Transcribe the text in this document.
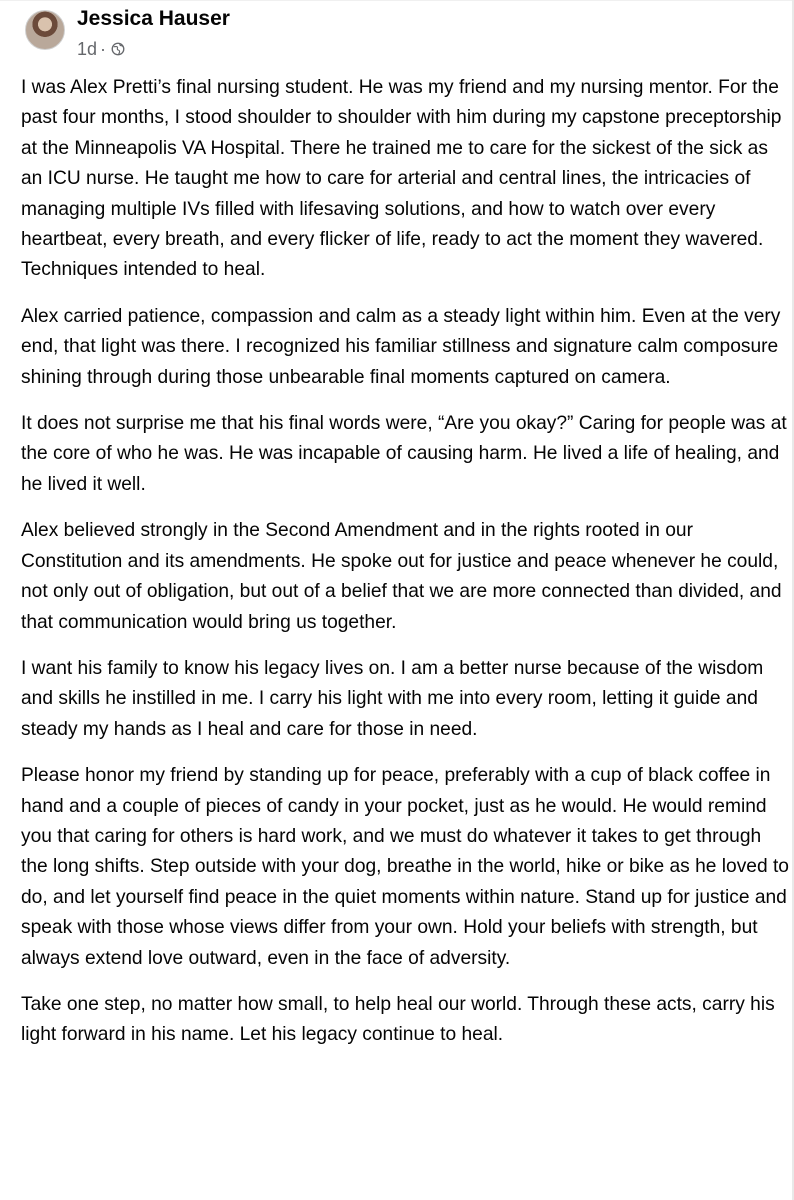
Jessica Hauser
1d ·

I was Alex Pretti’s final nursing student. He was my friend and my nursing mentor. For the past four months, I stood shoulder to shoulder with him during my capstone preceptorship at the Minneapolis VA Hospital. There he trained me to care for the sickest of the sick as an ICU nurse. He taught me how to care for arterial and central lines, the intricacies of managing multiple IVs filled with lifesaving solutions, and how to watch over every heartbeat, every breath, and every flicker of life, ready to act the moment they wavered. Techniques intended to heal.

Alex carried patience, compassion and calm as a steady light within him. Even at the very end, that light was there. I recognized his familiar stillness and signature calm composure shining through during those unbearable final moments captured on camera.

It does not surprise me that his final words were, “Are you okay?” Caring for people was at the core of who he was. He was incapable of causing harm. He lived a life of healing, and he lived it well.

Alex believed strongly in the Second Amendment and in the rights rooted in our Constitution and its amendments. He spoke out for justice and peace whenever he could, not only out of obligation, but out of a belief that we are more connected than divided, and that communication would bring us together.

I want his family to know his legacy lives on. I am a better nurse because of the wisdom and skills he instilled in me. I carry his light with me into every room, letting it guide and steady my hands as I heal and care for those in need.

Please honor my friend by standing up for peace, preferably with a cup of black coffee in hand and a couple of pieces of candy in your pocket, just as he would. He would remind you that caring for others is hard work, and we must do whatever it takes to get through the long shifts. Step outside with your dog, breathe in the world, hike or bike as he loved to do, and let yourself find peace in the quiet moments within nature. Stand up for justice and speak with those whose views differ from your own. Hold your beliefs with strength, but always extend love outward, even in the face of adversity.

Take one step, no matter how small, to help heal our world. Through these acts, carry his light forward in his name. Let his legacy continue to heal.
